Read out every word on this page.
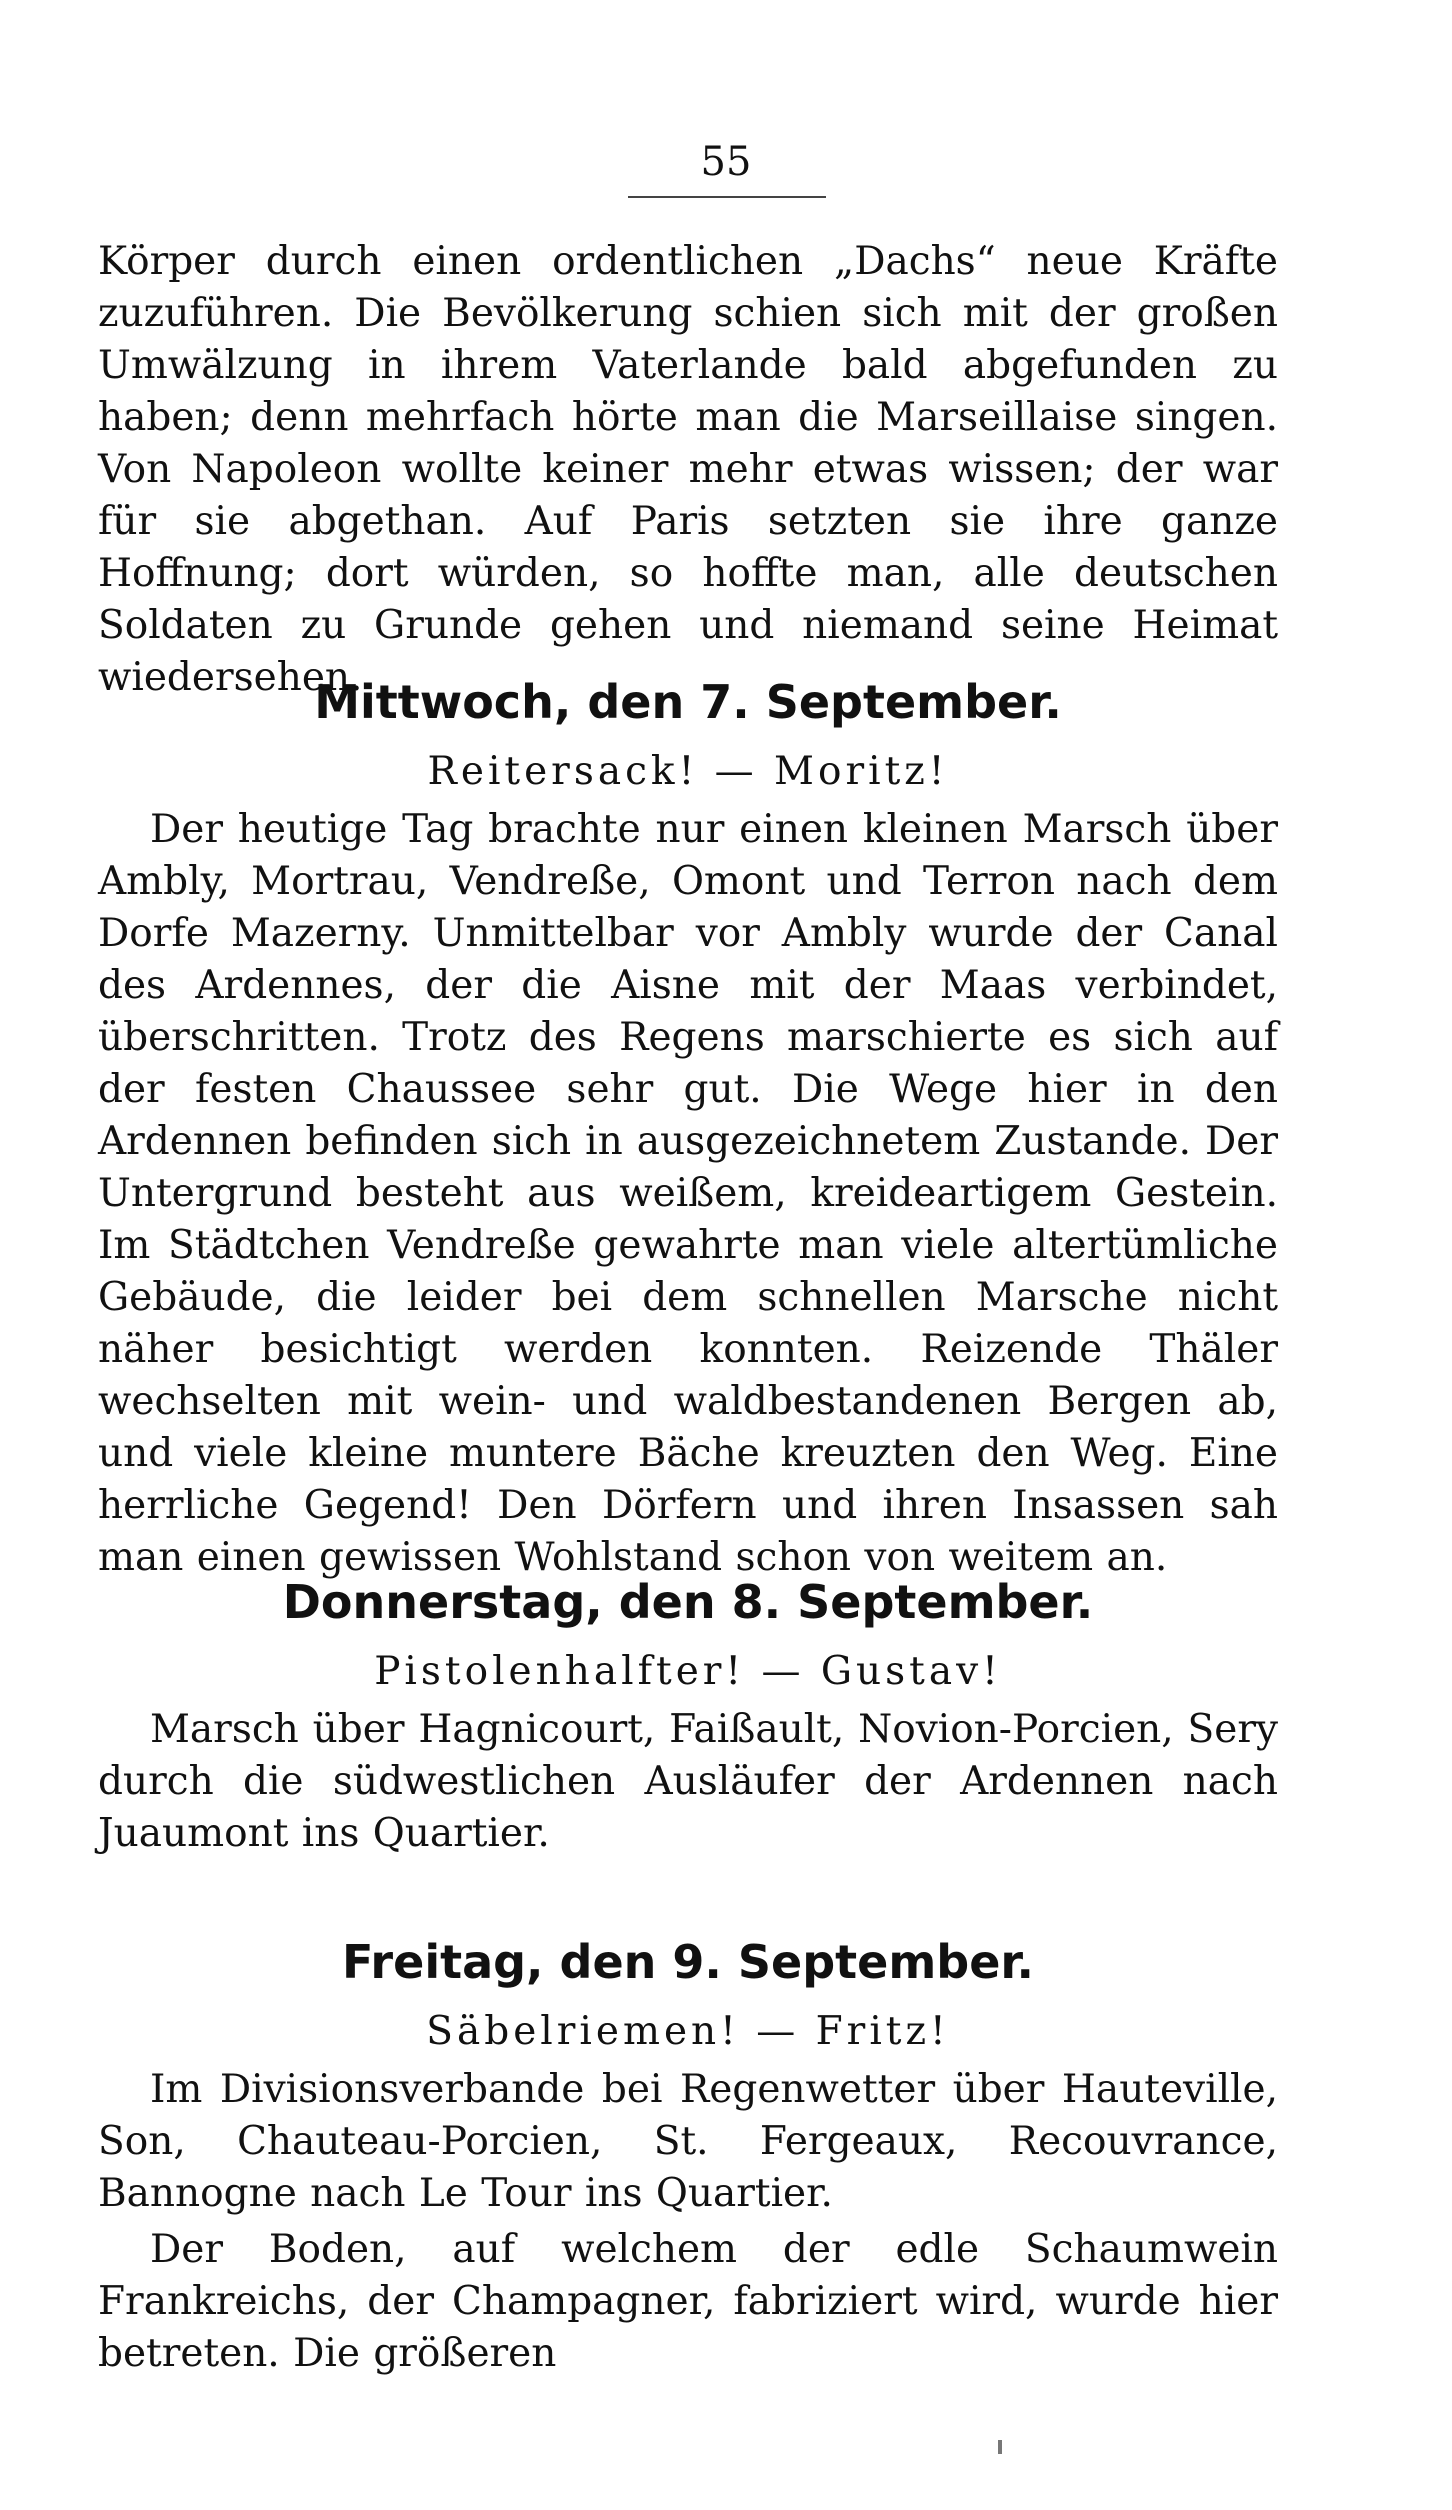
55

Körper durch einen ordentlichen „Dachs“ neue Kräfte zuzuführen. Die Bevölkerung schien sich mit der großen Umwälzung in ihrem Vaterlande bald abgefunden zu haben; denn mehrfach hörte man die Marseillaise singen. Von Napoleon wollte keiner mehr etwas wissen; der war für sie abgethan. Auf Paris setzten sie ihre ganze Hoffnung; dort würden, so hoffte man, alle deutschen Soldaten zu Grunde gehen und niemand seine Heimat wiedersehen.

Mittwoch, den 7. September.

Reitersack! — Moritz!

Der heutige Tag brachte nur einen kleinen Marsch über Ambly, Mortrau, Vendreße, Omont und Terron nach dem Dorfe Mazerny. Unmittelbar vor Ambly wurde der Canal des Ardennes, der die Aisne mit der Maas verbindet, überschritten. Trotz des Regens marschierte es sich auf der festen Chaussee sehr gut. Die Wege hier in den Ardennen befinden sich in ausgezeichnetem Zustande. Der Untergrund besteht aus weißem, kreideartigem Gestein. Im Städtchen Vendreße gewahrte man viele altertümliche Gebäude, die leider bei dem schnellen Marsche nicht näher besichtigt werden konnten. Reizende Thäler wechselten mit wein- und waldbestandenen Bergen ab, und viele kleine muntere Bäche kreuzten den Weg. Eine herrliche Gegend! Den Dörfern und ihren Insassen sah man einen gewissen Wohlstand schon von weitem an.

Donnerstag, den 8. September.

Pistolenhalfter! — Gustav!

Marsch über Hagnicourt, Faißault, Novion-Porcien, Sery durch die südwestlichen Ausläufer der Ardennen nach Juaumont ins Quartier.

Freitag, den 9. September.

Säbelriemen! — Fritz!

Im Divisionsverbande bei Regenwetter über Hauteville, Son, Chauteau-Porcien, St. Fergeaux, Recouvrance, Bannogne nach Le Tour ins Quartier.

Der Boden, auf welchem der edle Schaumwein Frankreichs, der Champagner, fabriziert wird, wurde hier betreten. Die größeren
